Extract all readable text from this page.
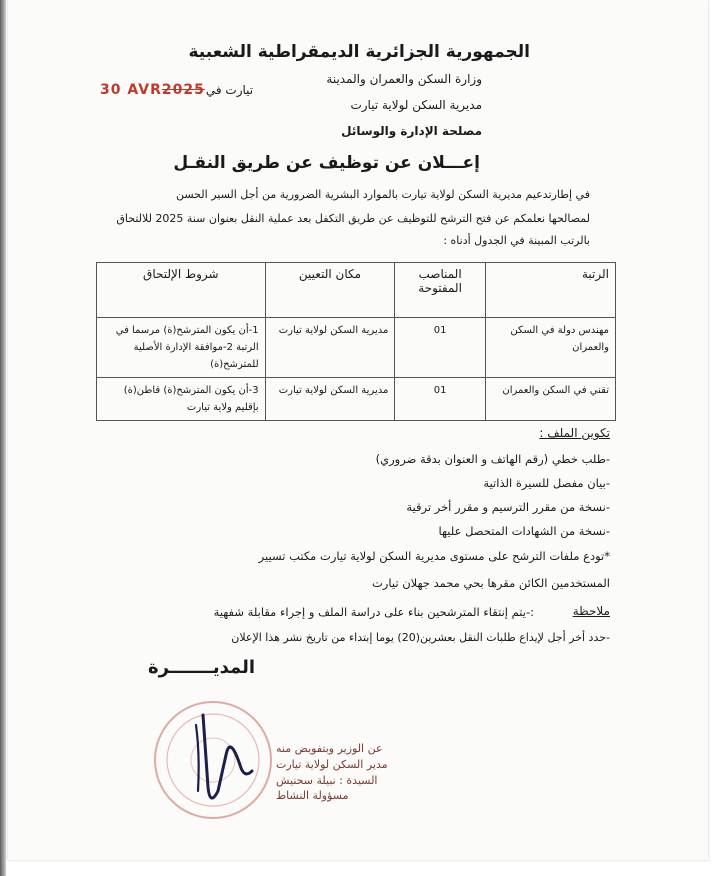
الجمهورية الجزائرية الديمقراطية الشعبية
وزارة السكن والعمران والمدينة
مديرية السكن لولاية تيارت
مصلحة الإدارة والوسائل
تيارت في :
30 AVR2025
إعـــلان عن توظيف عن طريق النقـل
في إطارتدعيم مديرية السكن لولاية تيارت بالموارد البشرية الضرورية من أجل السير الحسن
لمصالحها نعلمكم عن فتح الترشح للتوظيف عن طريق التكفل بعد عملية النقل بعنوان سنة 2025 للالتحاق
بالرتب المبينة في الجدول أدناه :
الرتبة	المناصب المفتوحة	مكان التعيين	شروط الإلتحاق
مهندس دولة في السكن والعمران	01	مديرية السكن لولاية تيارت	1-أن يكون المترشح(ة) مرسما في الرتبة 2-موافقة الإدارة الأصلية للمترشح(ة)
تقني في السكن والعمران	01	مديرية السكن لولاية تيارت	3-أن يكون المترشح(ة) قاطن(ة) بإقليم ولاية تيارت
تكوين الملف :
-طلب خطي (رقم الهاتف و العنوان بدقة ضروري)
-بيان مفصل للسيرة الذاتية
-نسخة من مقرر الترسيم و مقرر أخر ترقية
-نسخة من الشهادات المتحصل عليها
*تودع ملفات الترشح على مستوى مديرية السكن لولاية تيارت مكتب تسيير
المستخدمين الكائن مقرها بحي محمد جهلان تيارت
ملاحظة
:-يتم إنتقاء المترشحين بناء على دراسة الملف و إجراء مقابلة شفهية
-حدد أخر أجل لإيداع طلبات النقل بعشرين(20) يوما إبتداء من تاريخ نشر هذا الإعلان
المديـــــــرة
عن الوزير وبتفويض منه
مدير السكن لولاية تيارت
السيدة : نبيلة سحنيش
مسؤولة النشاط
